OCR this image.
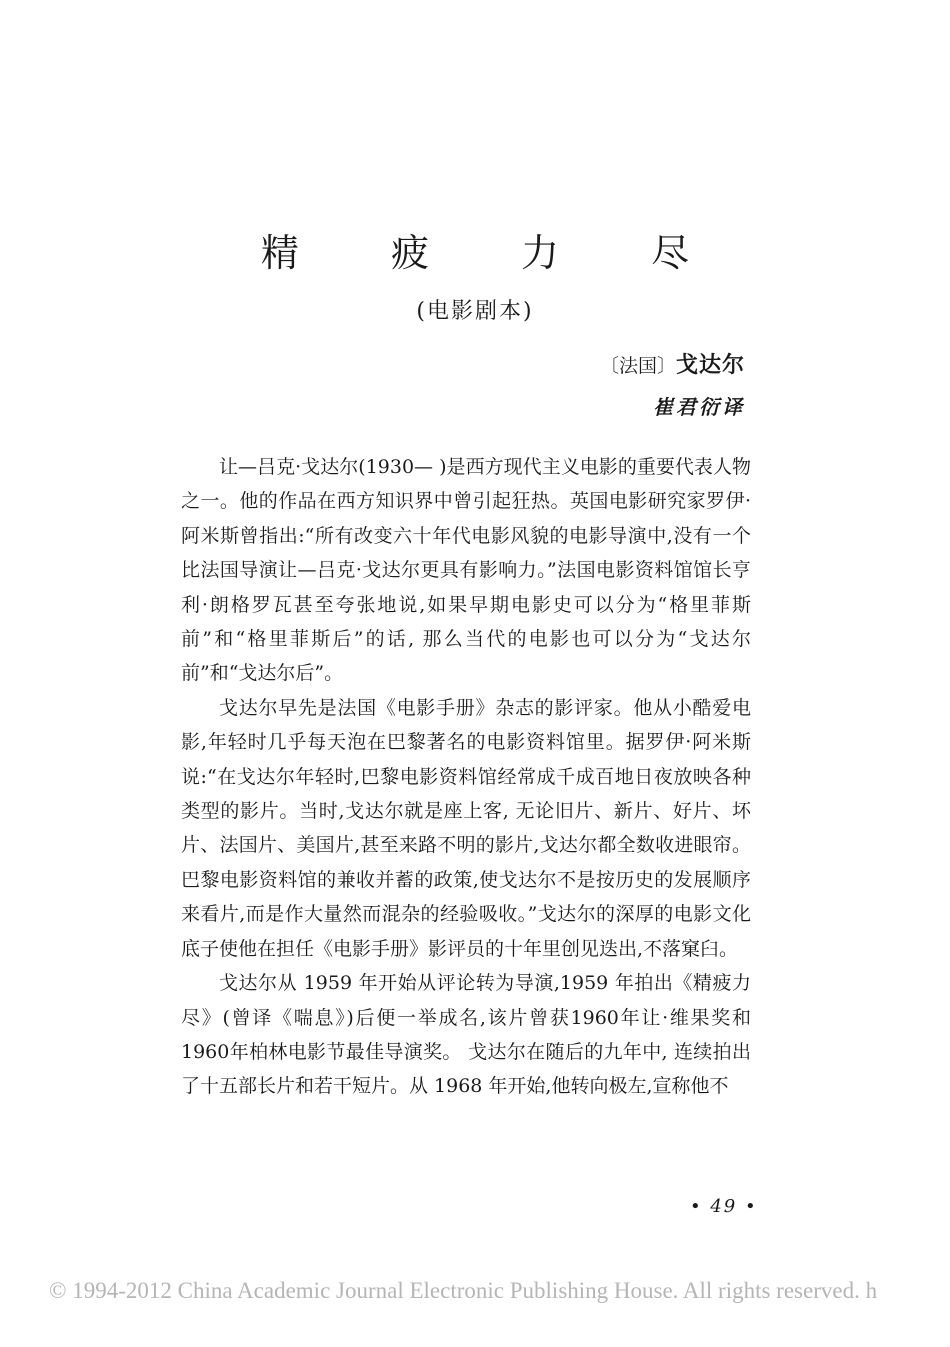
精 疲 力 尽
(电影剧本)
〔法国〕戈达尔
崔君衍译

让—吕克·戈达尔(1930— )是西方现代主义电影的重要代表人物之一。他的作品在西方知识界中曾引起狂热。英国电影研究家罗伊·阿米斯曾指出:“所有改变六十年代电影风貌的电影导演中,没有一个比法国导演让—吕克·戈达尔更具有影响力。”法国电影资料馆馆长亨利·朗格罗瓦甚至夸张地说,如果早期电影史可以分为“格里菲斯前”和“格里菲斯后”的话, 那么当代的电影也可以分为“戈达尔前”和“戈达尔后”。

戈达尔早先是法国《电影手册》杂志的影评家。他从小酷爱电影,年轻时几乎每天泡在巴黎著名的电影资料馆里。据罗伊·阿米斯说:“在戈达尔年轻时,巴黎电影资料馆经常成千成百地日夜放映各种类型的影片。当时,戈达尔就是座上客, 无论旧片、新片、好片、坏片、法国片、美国片,甚至来路不明的影片,戈达尔都全数收进眼帘。巴黎电影资料馆的兼收并蓄的政策,使戈达尔不是按历史的发展顺序来看片,而是作大量然而混杂的经验吸收。”戈达尔的深厚的电影文化底子使他在担任《电影手册》影评员的十年里创见迭出,不落窠臼。

戈达尔从 1959 年开始从评论转为导演,1959 年拍出《精疲力尽》(曾译《喘息》)后便一举成名,该片曾获1960年让·维果奖和1960年柏林电影节最佳导演奖。 戈达尔在随后的九年中, 连续拍出了十五部长片和若干短片。从 1968 年开始,他转向极左,宣称他不

• 49 •
© 1994-2012 China Academic Journal Electronic Publishing House. All rights reserved. h
